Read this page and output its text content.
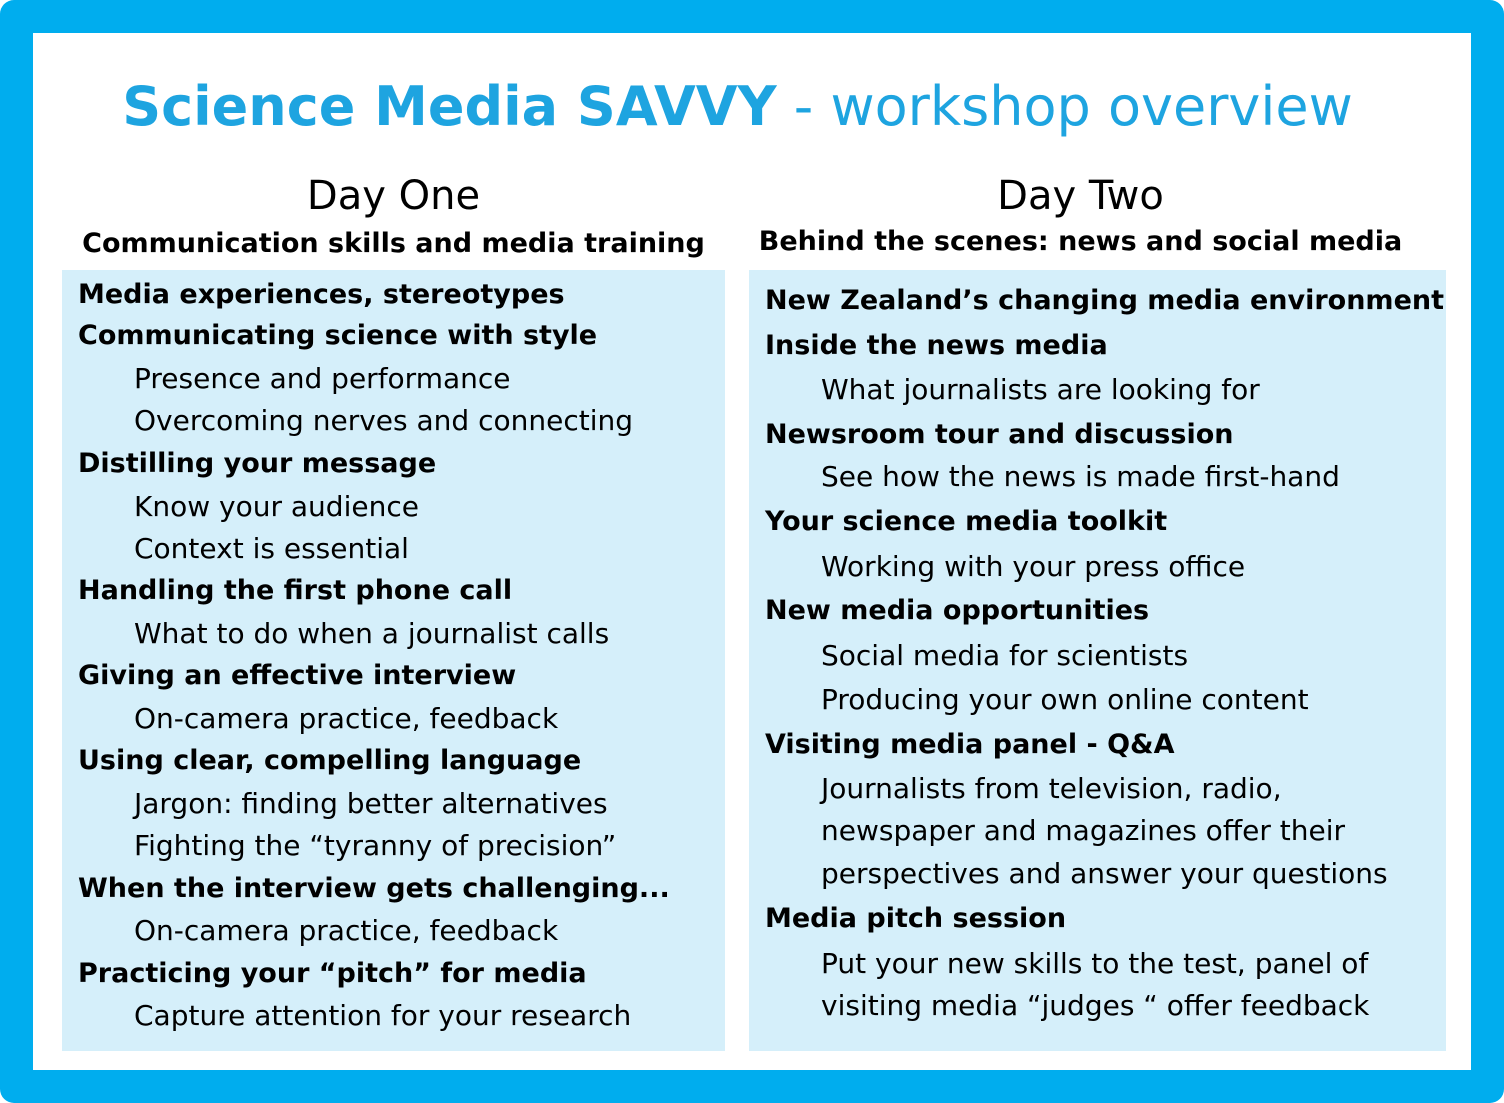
Science Media SAVVY - workshop overview
Day One
Communication skills and media training
Day Two
Behind the scenes: news and social media
Media experiences, stereotypes
Communicating science with style
Presence and performance
Overcoming nerves and connecting
Distilling your message
Know your audience
Context is essential
Handling the first phone call
What to do when a journalist calls
Giving an effective interview
On-camera practice, feedback
Using clear, compelling language
Jargon: finding better alternatives
Fighting the “tyranny of precision”
When the interview gets challenging...
On-camera practice, feedback
Practicing your “pitch” for media
Capture attention for your research
New Zealand’s changing media environment
Inside the news media
What journalists are looking for
Newsroom tour and discussion
See how the news is made first-hand
Your science media toolkit
Working with your press office
New media opportunities
Social media for scientists
Producing your own online content
Visiting media panel - Q&A
Journalists from television, radio,
newspaper and magazines offer their
perspectives and answer your questions
Media pitch session
Put your new skills to the test, panel of
visiting media “judges “ offer feedback
